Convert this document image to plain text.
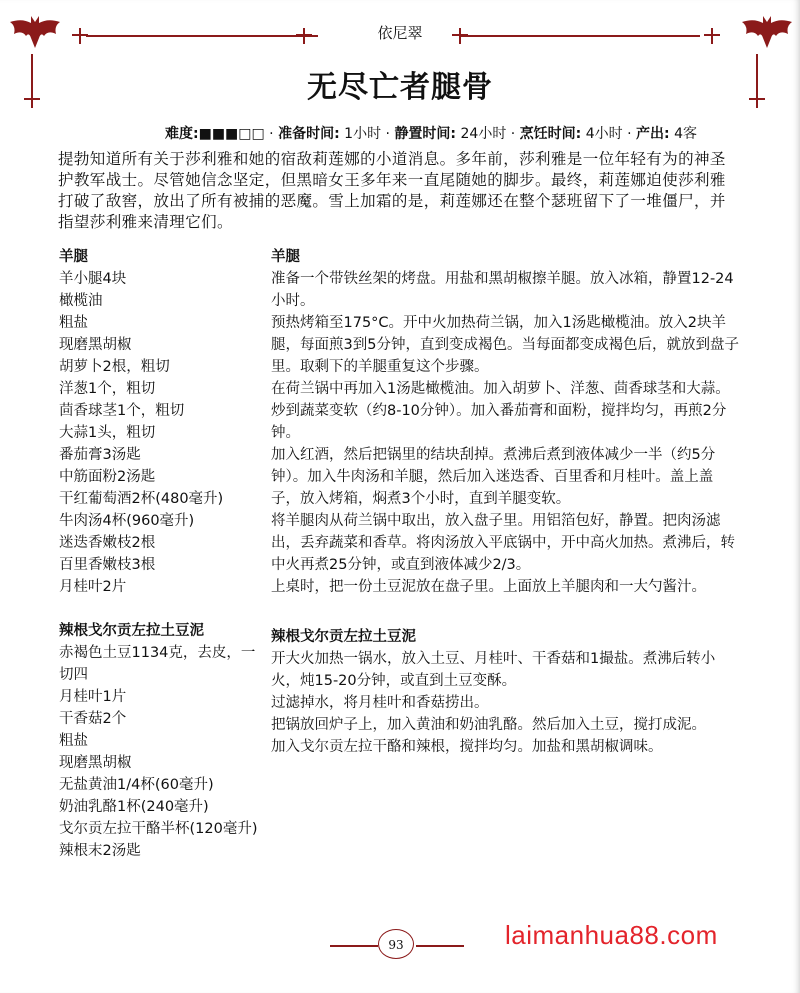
依尼翠
无尽亡者腿骨
难度:■■■□□ · 准备时间: 1小时 · 静置时间: 24小时 · 烹饪时间: 4小时 · 产出: 4客
提勃知道所有关于莎利雅和她的宿敌莉莲娜的小道消息。多年前，莎利雅是一位年轻有为的神圣护教军战士。尽管她信念坚定，但黑暗女王多年来一直尾随她的脚步。最终，莉莲娜迫使莎利雅打破了敌窖，放出了所有被捕的恶魔。雪上加霜的是，莉莲娜还在整个瑟班留下了一堆僵尸，并指望莎利雅来清理它们。
羊腿
羊小腿4块
橄榄油
粗盐
现磨黑胡椒
胡萝卜2根，粗切
洋葱1个，粗切
茴香球茎1个，粗切
大蒜1头，粗切
番茄膏3汤匙
中筋面粉2汤匙
干红葡萄酒2杯(480毫升)
牛肉汤4杯(960毫升)
迷迭香嫩枝2根
百里香嫩枝3根
月桂叶2片
辣根戈尔贡左拉土豆泥
赤褐色土豆1134克，去皮，一切四
月桂叶1片
干香菇2个
粗盐
现磨黑胡椒
无盐黄油1/4杯(60毫升)
奶油乳酪1杯(240毫升)
戈尔贡左拉干酪半杯(120毫升)
辣根末2汤匙
羊腿
准备一个带铁丝架的烤盘。用盐和黑胡椒擦羊腿。放入冰箱，静置12-24小时。
预热烤箱至175°C。开中火加热荷兰锅，加入1汤匙橄榄油。放入2块羊腿，每面煎3到5分钟，直到变成褐色。当每面都变成褐色后，就放到盘子里。取剩下的羊腿重复这个步骤。
在荷兰锅中再加入1汤匙橄榄油。加入胡萝卜、洋葱、茴香球茎和大蒜。炒到蔬菜变软（约8-10分钟）。加入番茄膏和面粉，搅拌均匀，再煎2分钟。
加入红酒，然后把锅里的结块刮掉。煮沸后煮到液体减少一半（约5分钟）。加入牛肉汤和羊腿，然后加入迷迭香、百里香和月桂叶。盖上盖子，放入烤箱，焖煮3个小时，直到羊腿变软。
将羊腿肉从荷兰锅中取出，放入盘子里。用铝箔包好，静置。把肉汤滤出，丢弃蔬菜和香草。将肉汤放入平底锅中，开中高火加热。煮沸后，转中火再煮25分钟，或直到液体减少2/3。
上桌时，把一份土豆泥放在盘子里。上面放上羊腿肉和一大勺酱汁。
辣根戈尔贡左拉土豆泥
开大火加热一锅水，放入土豆、月桂叶、干香菇和1撮盐。煮沸后转小火，炖15-20分钟，或直到土豆变酥。
过滤掉水，将月桂叶和香菇捞出。
把锅放回炉子上，加入黄油和奶油乳酪。然后加入土豆，搅打成泥。
加入戈尔贡左拉干酪和辣根，搅拌均匀。加盐和黑胡椒调味。
93	laimanhua88.com
